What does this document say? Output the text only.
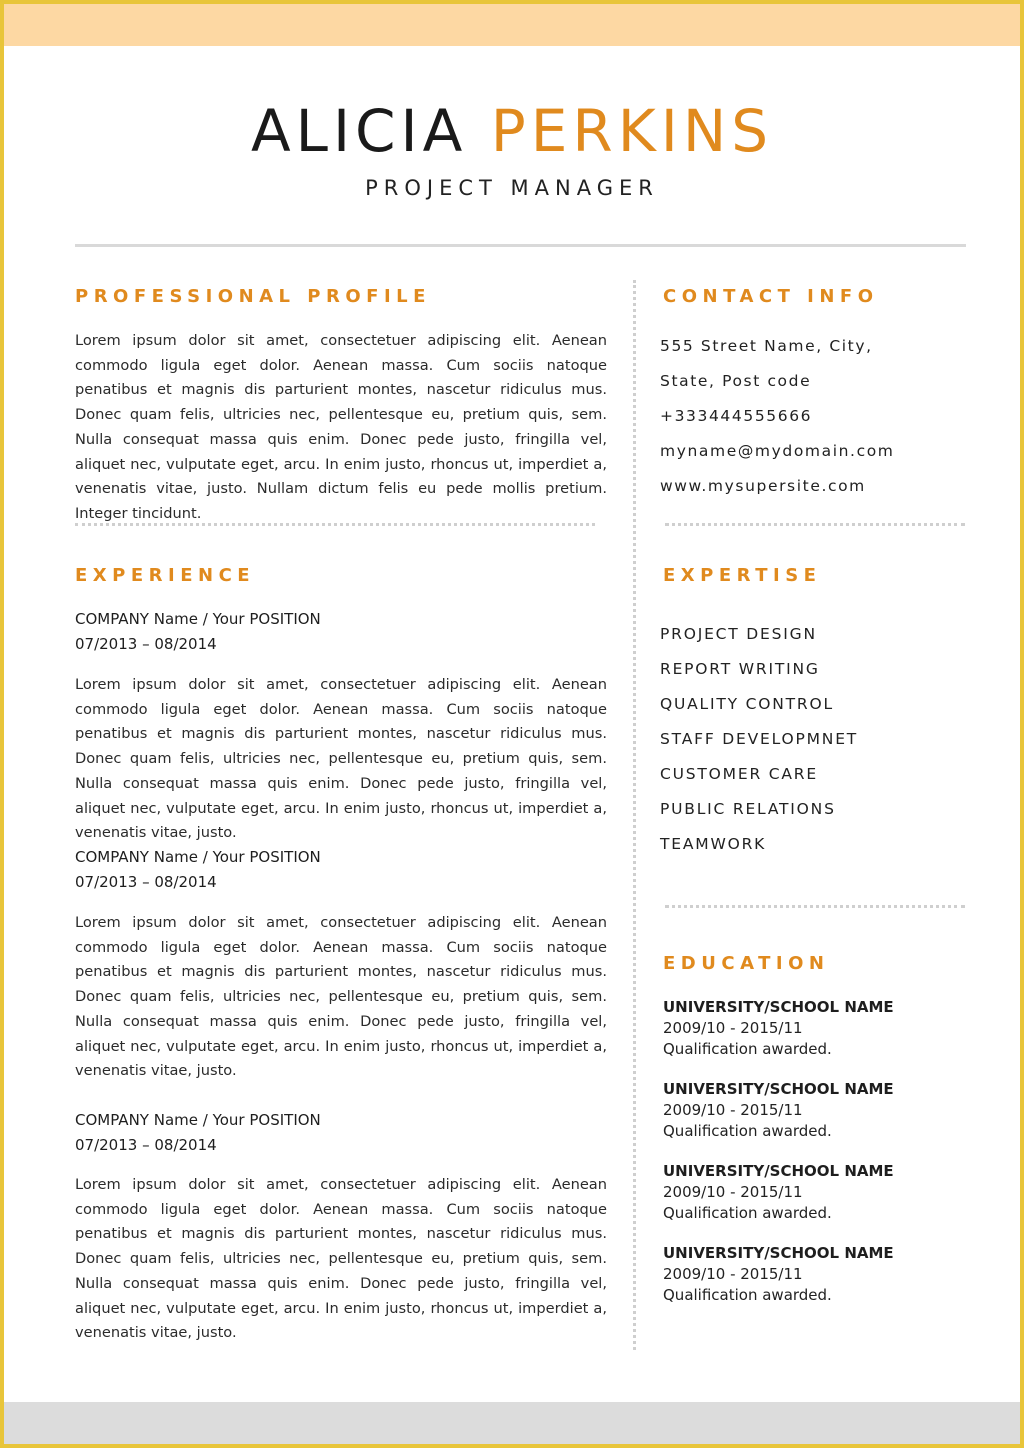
ALICIA PERKINS
PROJECT MANAGER
PROFESSIONAL PROFILE

Lorem ipsum dolor sit amet, consectetuer adipiscing elit. Aenean commodo ligula eget dolor. Aenean massa. Cum sociis natoque penatibus et magnis dis parturient montes, nascetur ridiculus mus. Donec quam felis, ultricies nec, pellentesque eu, pretium quis, sem. Nulla consequat massa quis enim. Donec pede justo, fringilla vel, aliquet nec, vulputate eget, arcu. In enim justo, rhoncus ut, imperdiet a, venenatis vitae, justo. Nullam dictum felis eu pede mollis pretium. Integer tincidunt.

EXPERIENCE
COMPANY Name / Your POSITION
07/2013 – 08/2014

Lorem ipsum dolor sit amet, consectetuer adipiscing elit. Aenean commodo ligula eget dolor. Aenean massa. Cum sociis natoque penatibus et magnis dis parturient montes, nascetur ridiculus mus. Donec quam felis, ultricies nec, pellentesque eu, pretium quis, sem. Nulla consequat massa quis enim. Donec pede justo, fringilla vel, aliquet nec, vulputate eget, arcu. In enim justo, rhoncus ut, imperdiet a, venenatis vitae, justo.

COMPANY Name / Your POSITION
07/2013 – 08/2014

Lorem ipsum dolor sit amet, consectetuer adipiscing elit. Aenean commodo ligula eget dolor. Aenean massa. Cum sociis natoque penatibus et magnis dis parturient montes, nascetur ridiculus mus. Donec quam felis, ultricies nec, pellentesque eu, pretium quis, sem. Nulla consequat massa quis enim. Donec pede justo, fringilla vel, aliquet nec, vulputate eget, arcu. In enim justo, rhoncus ut, imperdiet a, venenatis vitae, justo.

COMPANY Name / Your POSITION
07/2013 – 08/2014

Lorem ipsum dolor sit amet, consectetuer adipiscing elit. Aenean commodo ligula eget dolor. Aenean massa. Cum sociis natoque penatibus et magnis dis parturient montes, nascetur ridiculus mus. Donec quam felis, ultricies nec, pellentesque eu, pretium quis, sem. Nulla consequat massa quis enim. Donec pede justo, fringilla vel, aliquet nec, vulputate eget, arcu. In enim justo, rhoncus ut, imperdiet a, venenatis vitae, justo.

CONTACT INFO
555 Street Name, City,
State, Post code
+333444555666
myname@mydomain.com
www.mysupersite.com
EXPERTISE
PROJECT DESIGN
REPORT WRITING
QUALITY CONTROL
STAFF DEVELOPMNET
CUSTOMER CARE
PUBLIC RELATIONS
TEAMWORK
EDUCATION
UNIVERSITY/SCHOOL NAME
2009/10 - 2015/11
Qualification awarded.
UNIVERSITY/SCHOOL NAME
2009/10 - 2015/11
Qualification awarded.
UNIVERSITY/SCHOOL NAME
2009/10 - 2015/11
Qualification awarded.
UNIVERSITY/SCHOOL NAME
2009/10 - 2015/11
Qualification awarded.
